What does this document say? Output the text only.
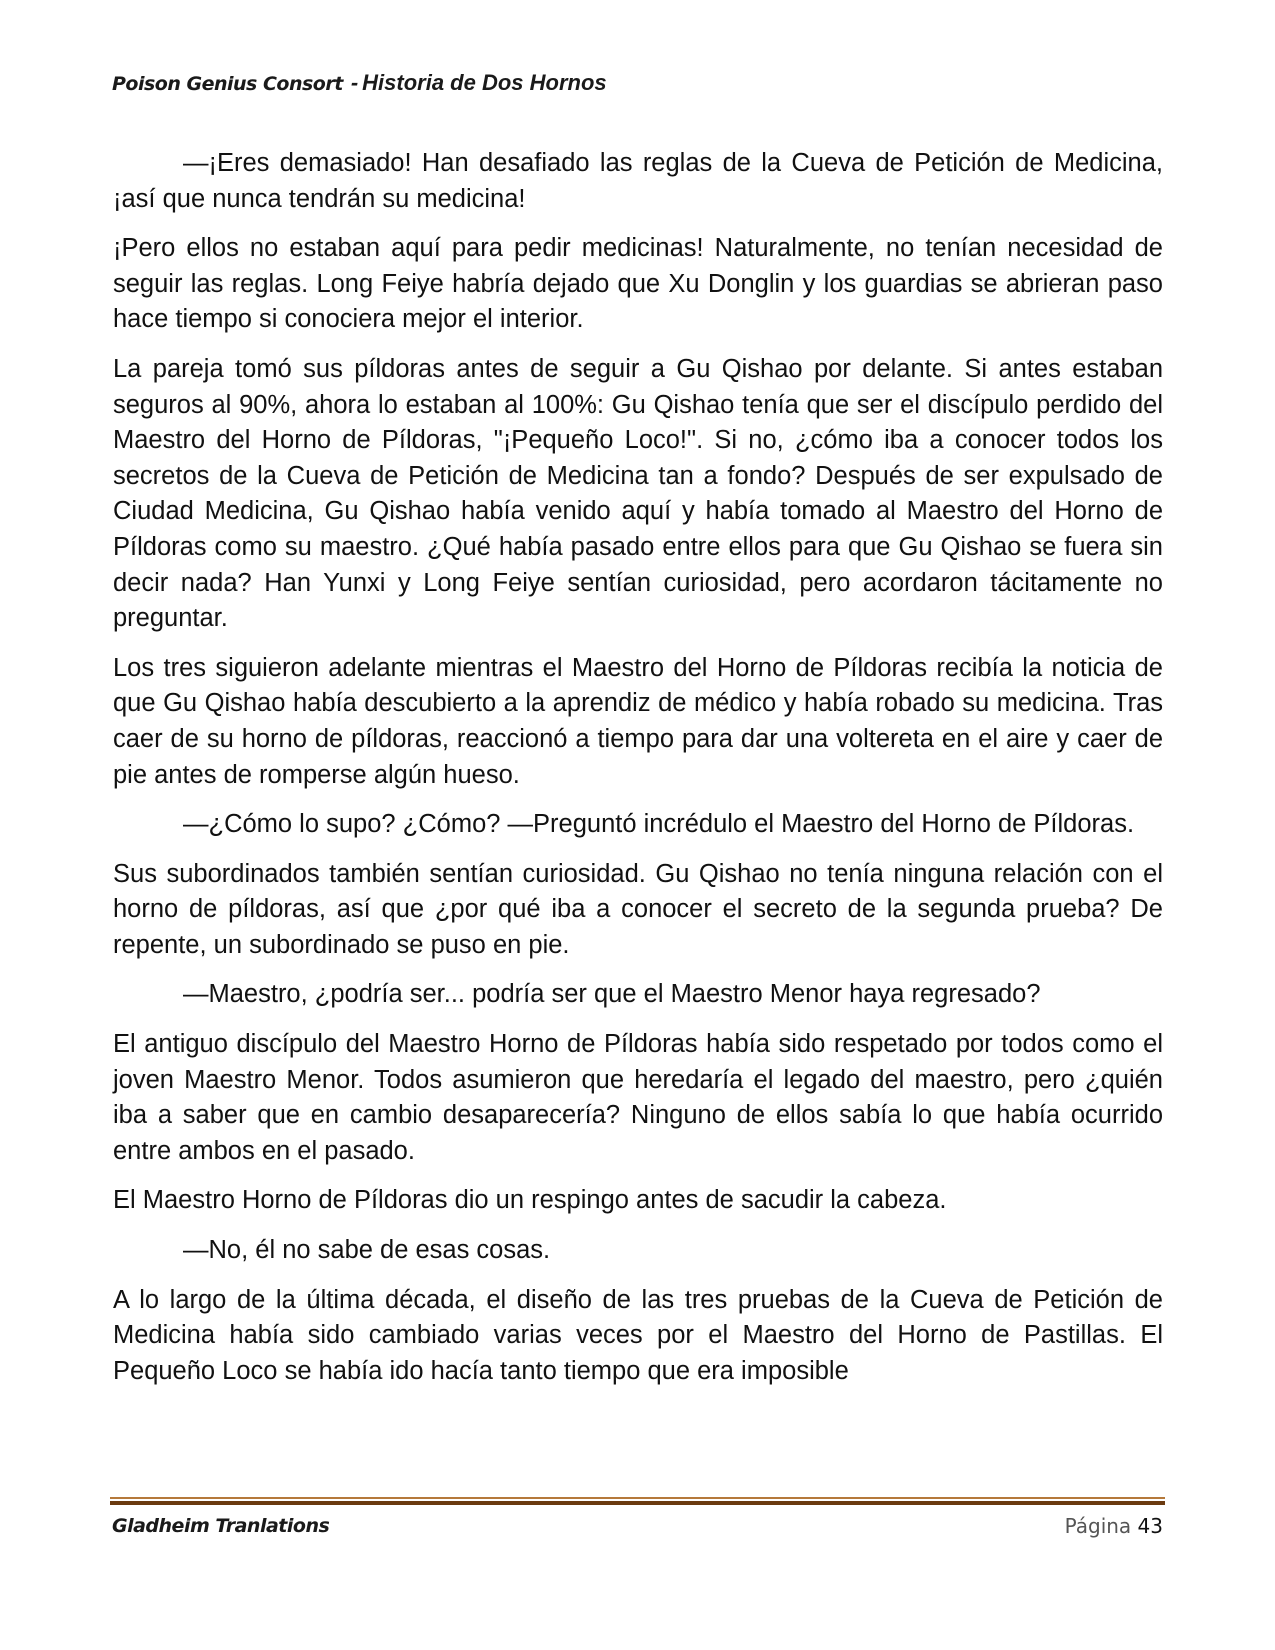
Poison Genius Consort - Historia de Dos Hornos

—¡Eres demasiado! Han desafiado las reglas de la Cueva de Petición de Medicina, ¡así que nunca tendrán su medicina!

¡Pero ellos no estaban aquí para pedir medicinas! Naturalmente, no tenían necesidad de seguir las reglas. Long Feiye habría dejado que Xu Donglin y los guardias se abrieran paso hace tiempo si conociera mejor el interior.

La pareja tomó sus píldoras antes de seguir a Gu Qishao por delante. Si antes estaban seguros al 90%, ahora lo estaban al 100%: Gu Qishao tenía que ser el discípulo perdido del Maestro del Horno de Píldoras, "¡Pequeño Loco!". Si no, ¿cómo iba a conocer todos los secretos de la Cueva de Petición de Medicina tan a fondo? Después de ser expulsado de Ciudad Medicina, Gu Qishao había venido aquí y había tomado al Maestro del Horno de Píldoras como su maestro. ¿Qué había pasado entre ellos para que Gu Qishao se fuera sin decir nada? Han Yunxi y Long Feiye sentían curiosidad, pero acordaron tácitamente no preguntar.

Los tres siguieron adelante mientras el Maestro del Horno de Píldoras recibía la noticia de que Gu Qishao había descubierto a la aprendiz de médico y había robado su medicina. Tras caer de su horno de píldoras, reaccionó a tiempo para dar una voltereta en el aire y caer de pie antes de romperse algún hueso.

—¿Cómo lo supo? ¿Cómo? —Preguntó incrédulo el Maestro del Horno de Píldoras.

Sus subordinados también sentían curiosidad. Gu Qishao no tenía ninguna relación con el horno de píldoras, así que ¿por qué iba a conocer el secreto de la segunda prueba? De repente, un subordinado se puso en pie.

—Maestro, ¿podría ser... podría ser que el Maestro Menor haya regresado?

El antiguo discípulo del Maestro Horno de Píldoras había sido respetado por todos como el joven Maestro Menor. Todos asumieron que heredaría el legado del maestro, pero ¿quién iba a saber que en cambio desaparecería? Ninguno de ellos sabía lo que había ocurrido entre ambos en el pasado.

El Maestro Horno de Píldoras dio un respingo antes de sacudir la cabeza.

—No, él no sabe de esas cosas.

A lo largo de la última década, el diseño de las tres pruebas de la Cueva de Petición de Medicina había sido cambiado varias veces por el Maestro del Horno de Pastillas. El Pequeño Loco se había ido hacía tanto tiempo que era imposible

Gladheim Tranlations	Página 43
